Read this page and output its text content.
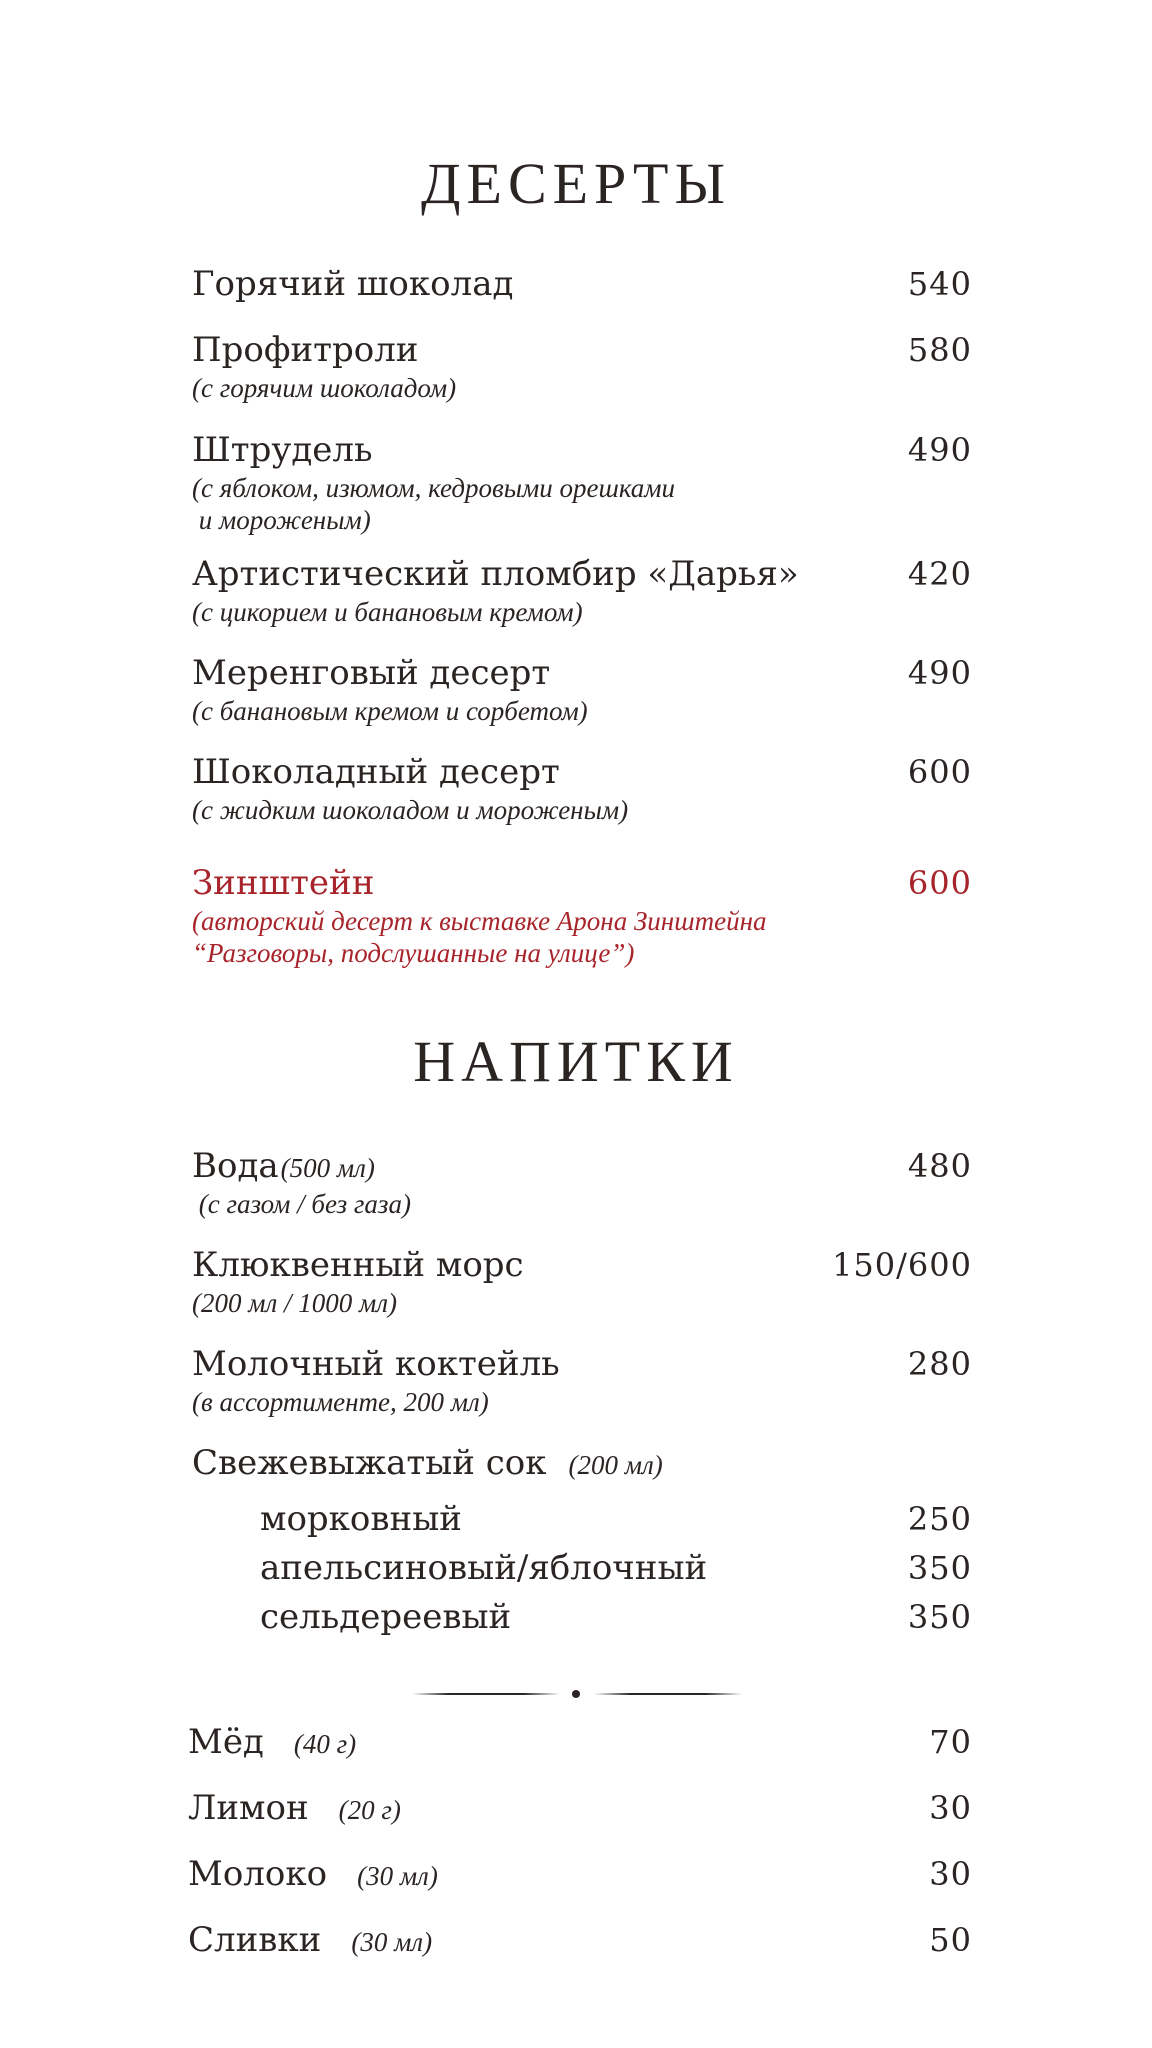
ДЕСЕРТЫ
Горячий шоколад	540
Профитроли	580
(с горячим шоколадом)
Штрудель	490
(с яблоком, изюмом, кедровыми орешками
и мороженым)
Артистический пломбир «Дарья»	420
(с цикорием и банановым кремом)
Меренговый десерт	490
(с банановым кремом и сорбетом)
Шоколадный десерт	600
(с жидким шоколадом и мороженым)
Зинштейн	600
(авторский десерт к выставке Арона Зинштейна
“Разговоры, подслушанные на улице”)
НАПИТКИ
Вода(500 мл)	480
(с газом / без газа)
Клюквенный морс	150/600
(200 мл / 1000 мл)
Молочный коктейль	280
(в ассортименте, 200 мл)
Свежевыжатый сок (200 мл)
морковный	250
апельсиновый/яблочный	350
сельдереевый	350
Мёд (40 г)	70
Лимон (20 г)	30
Молоко (30 мл)	30
Сливки (30 мл)	50
